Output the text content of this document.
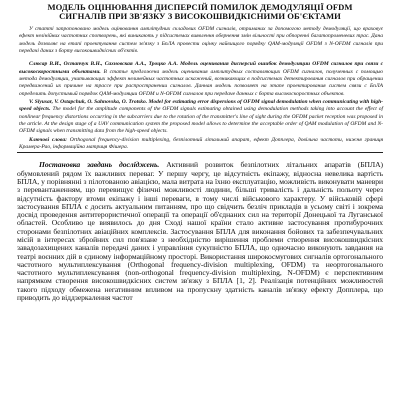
МОДЕЛЬ ОЦІНЮВАННЯ ДИСПЕРСІЙ ПОМИЛОК ДЕМОДУЛЯЦІЇ OFDM
СИГНАЛІВ ПРИ ЗВ'ЯЗКУ З ВИСОКОШВИДКІСНИМИ ОБ'ЄКТАМИ

У статті запропоновано модель оцінювання амплітудних складових OFDM сигналів, отриманих за допомогою методу демодуляції, що враховує ефект нелінійних частотних спотворень, які виникають у підсистемах виявлення обернення змін вільності при обпоренні багатопроменевих трас. Дана модель дозволяє на етапі проектування систем зв'язку з БпЛА провести оцінку найвищого порядку QAM-модуляції OFDM з N-OFDM сигналів при передачі даних з борту високошвидкісних об'єктів.

Слюсар В.И., Остапчук В.Н., Сахновская А.А., Троцко А.А. Модель оценивания дисперсий ошибок демодуляции OFDM сигналов при связи с высокоскоростными объектами. В статье предложена модель оценивания амплитудных составляющих OFDM сигналов, полученных с помощью метода демодуляции, учитывающих эффект нелинейных частотных искажений, возникающих в подсистемах детектирования сигналов при обращении передвижений их причине на трассе при распространении сигналов. Данная модель позволяет на этапе проектирования систем связи с БпЛА определить допустимый порядок QAM-модуляции OFDM и N-OFDM сигналов при передаче данных с борта высокоскоростных объектов.

V. Slyusar, V. Ostapchuk, O. Sahnovska, O. Trotsko. Model for estimating error dispersions of OFDM signal demodulation when communicating with high-speed objects. The model for the amplitude components of the OFDM signals estimating obtained using demodulation methods taking into account the effect of nonlinear frequency distortions occurring in the subcarriers due to the rotation of the transmitter's line of sight during the OFDM packet reception was proposed in the article. At the design stage of a UAV communication system the proposed model allows to determine the acceptable order of QAM modulation of OFDM and N-OFDM signals when transmitting data from the high-speed objects.

Ключові слова: Orthogonal frequency-division multiplexing, безпілотний літальний апарат, ефект Допплера, довільна частоти, нижня границя Крамера-Рао, інформаційна матриця Фішера.

Постановка завдань досліджень. Активний розвиток безпілотних літальних апаратів (БПЛА) обумовлений рядом їх важливих переваг. У першу чергу, це відсутність екіпажу, відносна невелика вартість БПЛА, у порівнянні з пілотованою авіацією, мала витрата на їхню експлуатацію, можливість виконувати маневри з перевантаженням, що перевищує фізичні можливості людини, більші тривалість і дальність польоту через відсутність фактору втоми екіпажу і інші переваги, в тому числі військового характеру. У військовій сфері застосування БПЛА є досить актуальним питанням, про що свідчить безліч прикладів в усьому світі і зокрема досвід проведення антитерористичної операції та операції об'єднаних сил на території Донецької та Луганської областей. Особливо це виявилось до дня Сході нашої країни стало активне застосування протибурочних сторонами безпілотних авіаційних комплексів. Застосування БПЛА для виконання бойових та забезпечувальних місій в інтересах збройних сил пов'язане з необхідністю вирішення проблеми створення високошвидкісних завадозахищених каналів передачі даних і управління сукупністю БПЛА, що одночасно виконують завдання на театрі воєнних дій в єдиному інформаційному просторі. Використання широкосмугових сигналів ортогонального частотного мультиплексування (Orthogonal frequency-division multiplexing, OFDM) та неортогонального частотного мультиплексування (non-orthogonal frequency-division multiplexing, N-OFDM) є перспективним напрямком створення високошвидкісних систем зв'язку з БПЛА [1, 2]. Реалізація потенційних можливостей такого підходу обмежена негативним впливом на пропускну здатність каналів зв'язку ефекту Допплера, що приводить до віддзеркалення частот
